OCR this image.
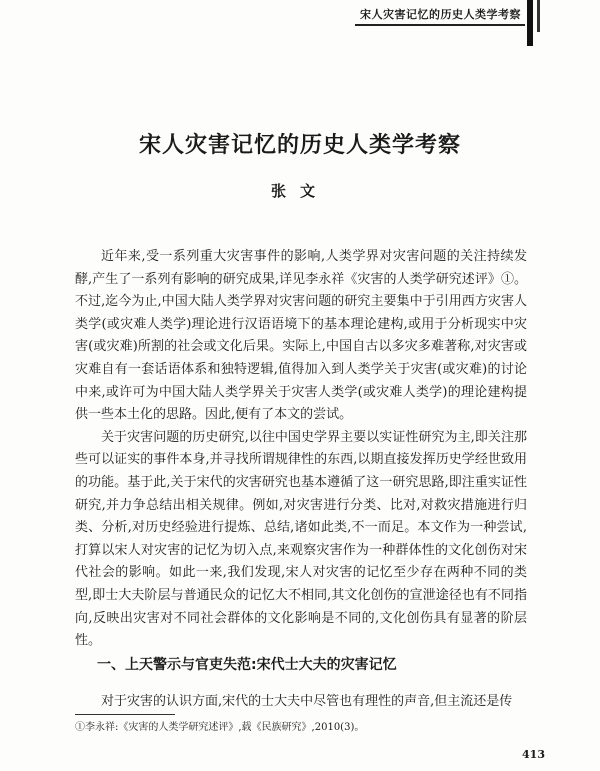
宋人灾害记忆的历史人类学考察
宋人灾害记忆的历史人类学考察
张文

近年来,受一系列重大灾害事件的影响,人类学界对灾害问题的关注持续发酵,产生了一系列有影响的研究成果,详见李永祥《灾害的人类学研究述评》①。不过,迄今为止,中国大陆人类学界对灾害问题的研究主要集中于引用西方灾害人类学(或灾难人类学)理论进行汉语语境下的基本理论建构,或用于分析现实中灾害(或灾难)所割的社会或文化后果。实际上,中国自古以多灾多难著称,对灾害或灾难自有一套话语体系和独特逻辑,值得加入到人类学关于灾害(或灾难)的讨论中来,或许可为中国大陆人类学界关于灾害人类学(或灾难人类学)的理论建构提供一些本土化的思路。因此,便有了本文的尝试。

关于灾害问题的历史研究,以往中国史学界主要以实证性研究为主,即关注那些可以证实的事件本身,并寻找所谓规律性的东西,以期直接发挥历史学经世致用的功能。基于此,关于宋代的灾害研究也基本遵循了这一研究思路,即注重实证性研究,并力争总结出相关规律。例如,对灾害进行分类、比对,对救灾措施进行归类、分析,对历史经验进行提炼、总结,诸如此类,不一而足。本文作为一种尝试,打算以宋人对灾害的记忆为切入点,来观察灾害作为一种群体性的文化创伤对宋代社会的影响。如此一来,我们发现,宋人对灾害的记忆至少存在两种不同的类型,即士大夫阶层与普通民众的记忆大不相同,其文化创伤的宣泄途径也有不同指向,反映出灾害对不同社会群体的文化影响是不同的,文化创伤具有显著的阶层性。

一、上天警示与官吏失范:宋代士大夫的灾害记忆
对于灾害的认识方面,宋代的士大夫中尽管也有理性的声音,但主流还是传
①李永祥:《灾害的人类学研究述评》,载《民族研究》,2010(3)。
413
